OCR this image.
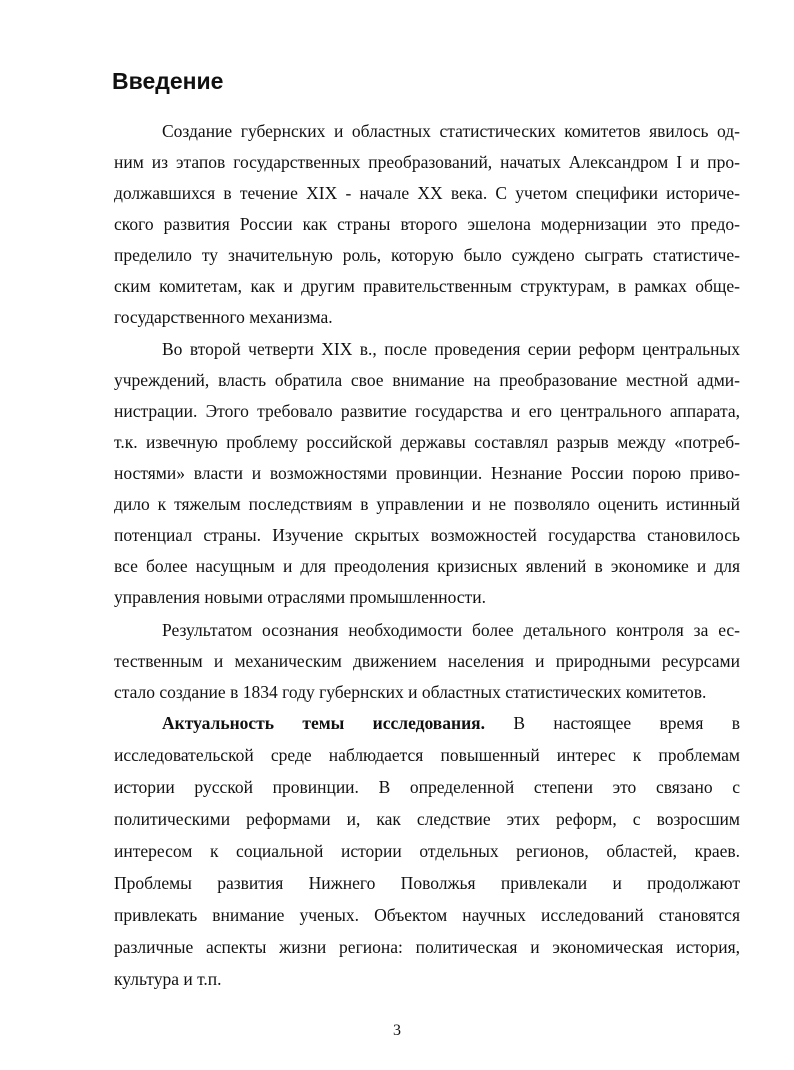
Введение
Создание губернских и областных статистических комитетов явилось од-
ним из этапов государственных преобразований, начатых Александром I и про-
должавшихся в течение XIX - начале XX века. С учетом специфики историче-
ского развития России как страны второго эшелона модернизации это предо-
пределило ту значительную роль, которую было суждено сыграть статистиче-
ским комитетам, как и другим правительственным структурам, в рамках обще-
государственного механизма.
Во второй четверти XIX в., после проведения серии реформ центральных
учреждений, власть обратила свое внимание на преобразование местной адми-
нистрации. Этого требовало развитие государства и его центрального аппарата,
т.к. извечную проблему российской державы составлял разрыв между «потреб-
ностями» власти и возможностями провинции. Незнание России порою приво-
дило к тяжелым последствиям в управлении и не позволяло оценить истинный
потенциал страны. Изучение скрытых возможностей государства становилось
все более насущным и для преодоления кризисных явлений в экономике и для
управления новыми отраслями промышленности.
Результатом осознания необходимости более детального контроля за ес-
тественным и механическим движением населения и природными ресурсами
стало создание в 1834 году губернских и областных статистических комитетов.
Актуальность темы исследования. В настоящее время в
исследовательской среде наблюдается повышенный интерес к проблемам
истории русской провинции. В определенной степени это связано с
политическими реформами и, как следствие этих реформ, с возросшим
интересом к социальной истории отдельных регионов, областей, краев.
Проблемы развития Нижнего Поволжья привлекали и продолжают
привлекать внимание ученых. Объектом научных исследований становятся
различные аспекты жизни региона: политическая и экономическая история,
культура и т.п.
3
